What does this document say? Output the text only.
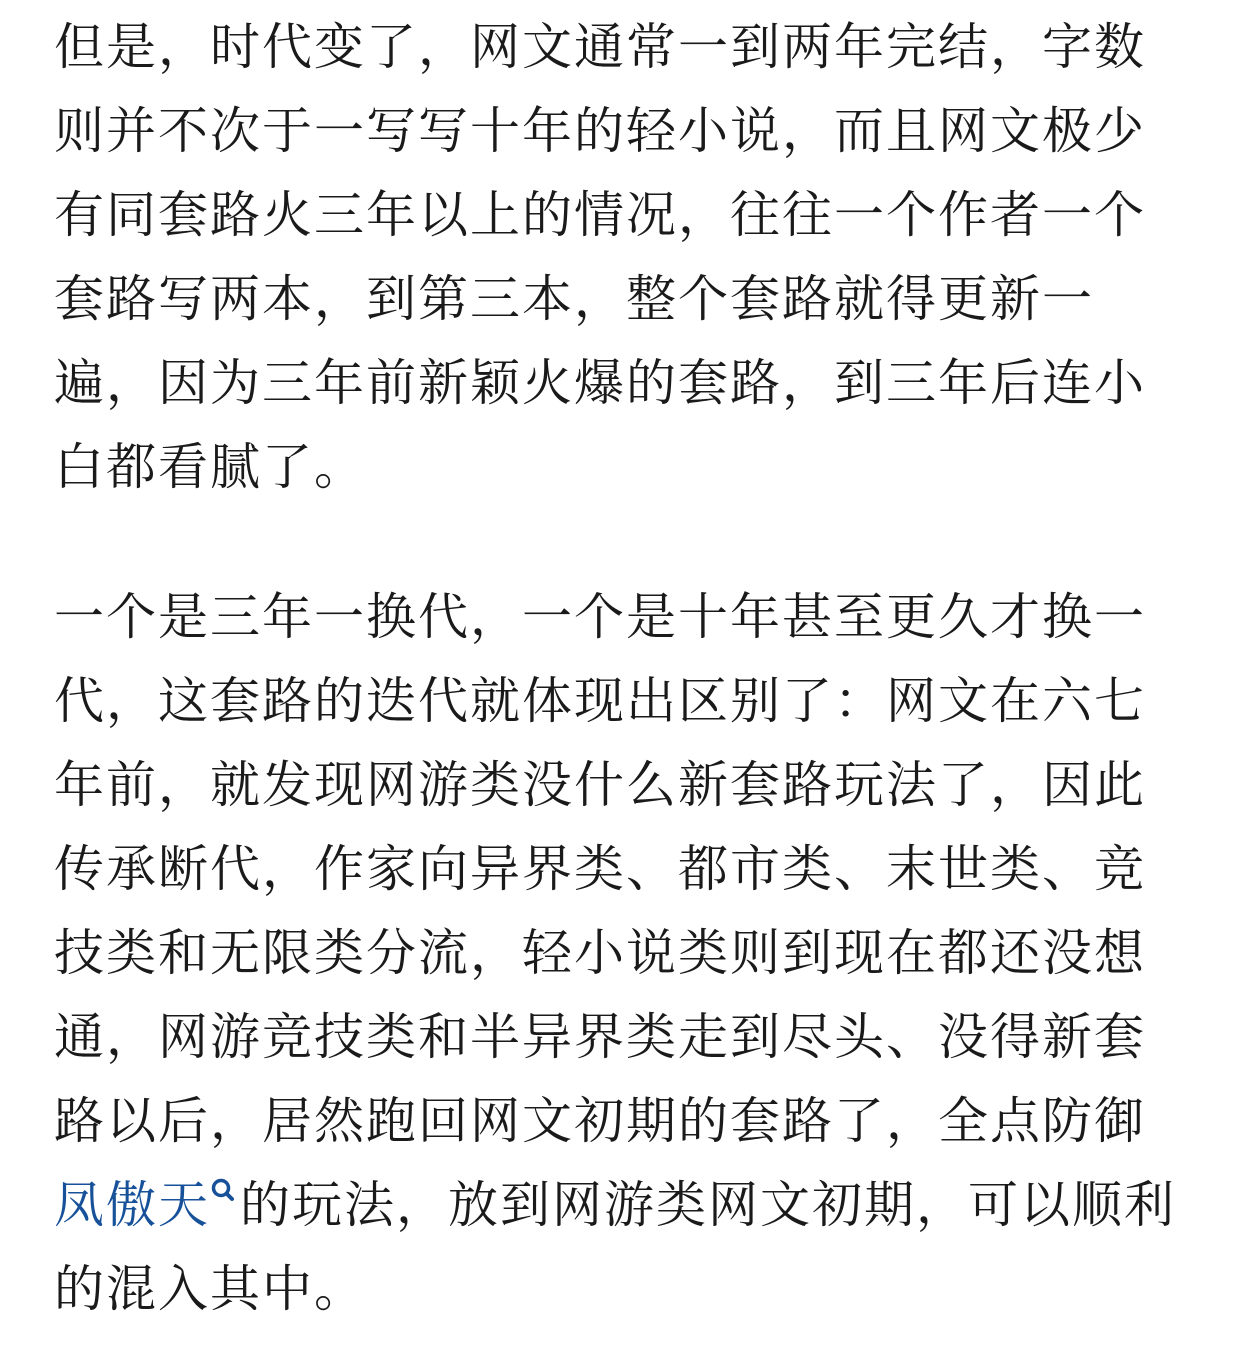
但是，时代变了，网文通常一到两年完结，字数则并不次于一写写十年的轻小说，而且网文极少有同套路火三年以上的情况，往往一个作者一个套路写两本，到第三本，整个套路就得更新一遍，因为三年前新颖火爆的套路，到三年后连小白都看腻了。

一个是三年一换代，一个是十年甚至更久才换一代，这套路的迭代就体现出区别了：网文在六七年前，就发现网游类没什么新套路玩法了，因此传承断代，作家向异界类、都市类、末世类、竞技类和无限类分流，轻小说类则到现在都还没想通，网游竞技类和半异界类走到尽头、没得新套路以后，居然跑回网文初期的套路了，全点防御凤傲天 的玩法，放到网游类网文初期，可以顺利的混入其中。
